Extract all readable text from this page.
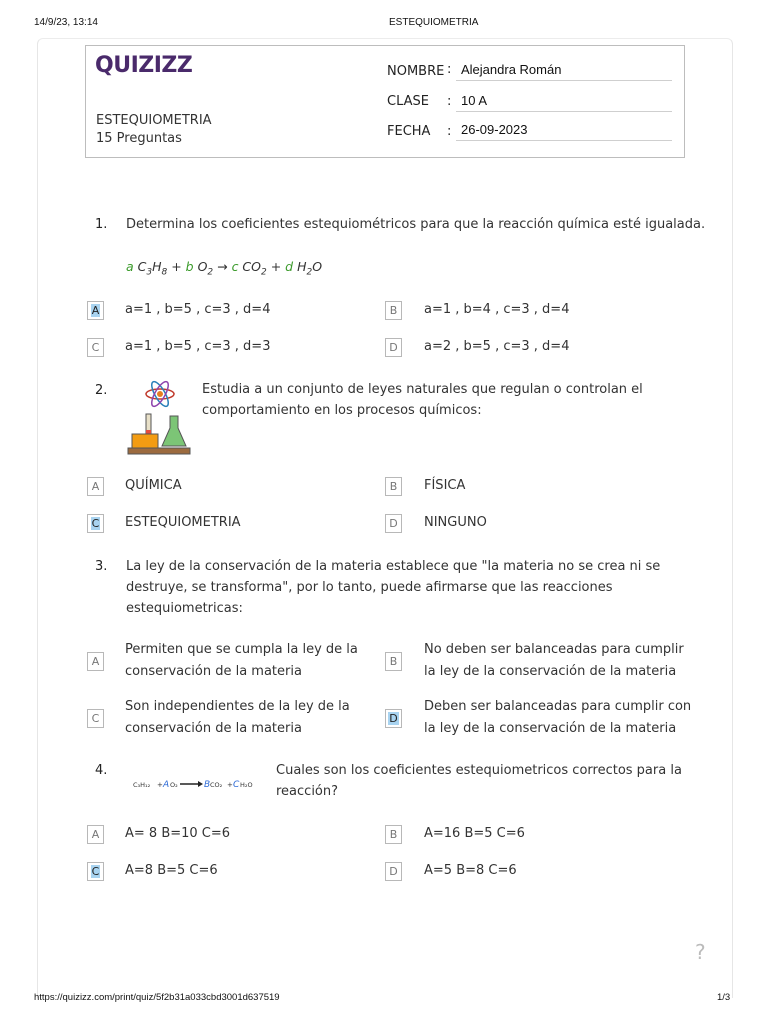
14/9/23, 13:14	ESTEQUIOMETRIA
QUIZIZZ
ESTEQUIOMETRIA
15 Preguntas
NOMBRE : Alejandra Román
CLASE : 10 A
FECHA : 26-09-2023
1. Determina los coeficientes estequiométricos para que la reacción química esté igualada.
a $C_3H_8 + b$ $O_2 \to c$ $CO_2 + d$ $H_2O$
A	a=1 , b=5 , c=3 , d=4	B	a=1 , b=4 , c=3 , d=4
C	a=1 , b=5 , c=3 , d=3	D	a=2 , b=5 , c=3 , d=4
2.	Estudia a un conjunto de leyes naturales que regulan o controlan el
comportamiento en los procesos químicos:
A	QUÍMICA	B	FÍSICA
C	ESTEQUIOMETRIA	D	NINGUNO
3. La ley de la conservación de la materia establece que "la materia no se crea ni se
destruye, se transforma", por lo tanto, puede afirmarse que las reacciones
estequiometricas:
A
Permiten que se cumpla la ley de la
conservación de la materia
B
No deben ser balanceadas para cumplir
la ley de la conservación de la materia
C
Son independientes de la ley de la
conservación de la materia
D
Deben ser balanceadas para cumplir con
la ley de la conservación de la materia
4.
C₃H₁₂ + A O₂	B CO₂ + C H₂O
Cuales son los coeficientes estequiometricos correctos para la
reacción?
A	A= 8 B=10 C=6	B	A=16 B=5 C=6
C	A=8 B=5 C=6	D	A=5 B=8 C=6
?
https://quizizz.com/print/quiz/5f2b31a033cbd3001d637519	1/3
